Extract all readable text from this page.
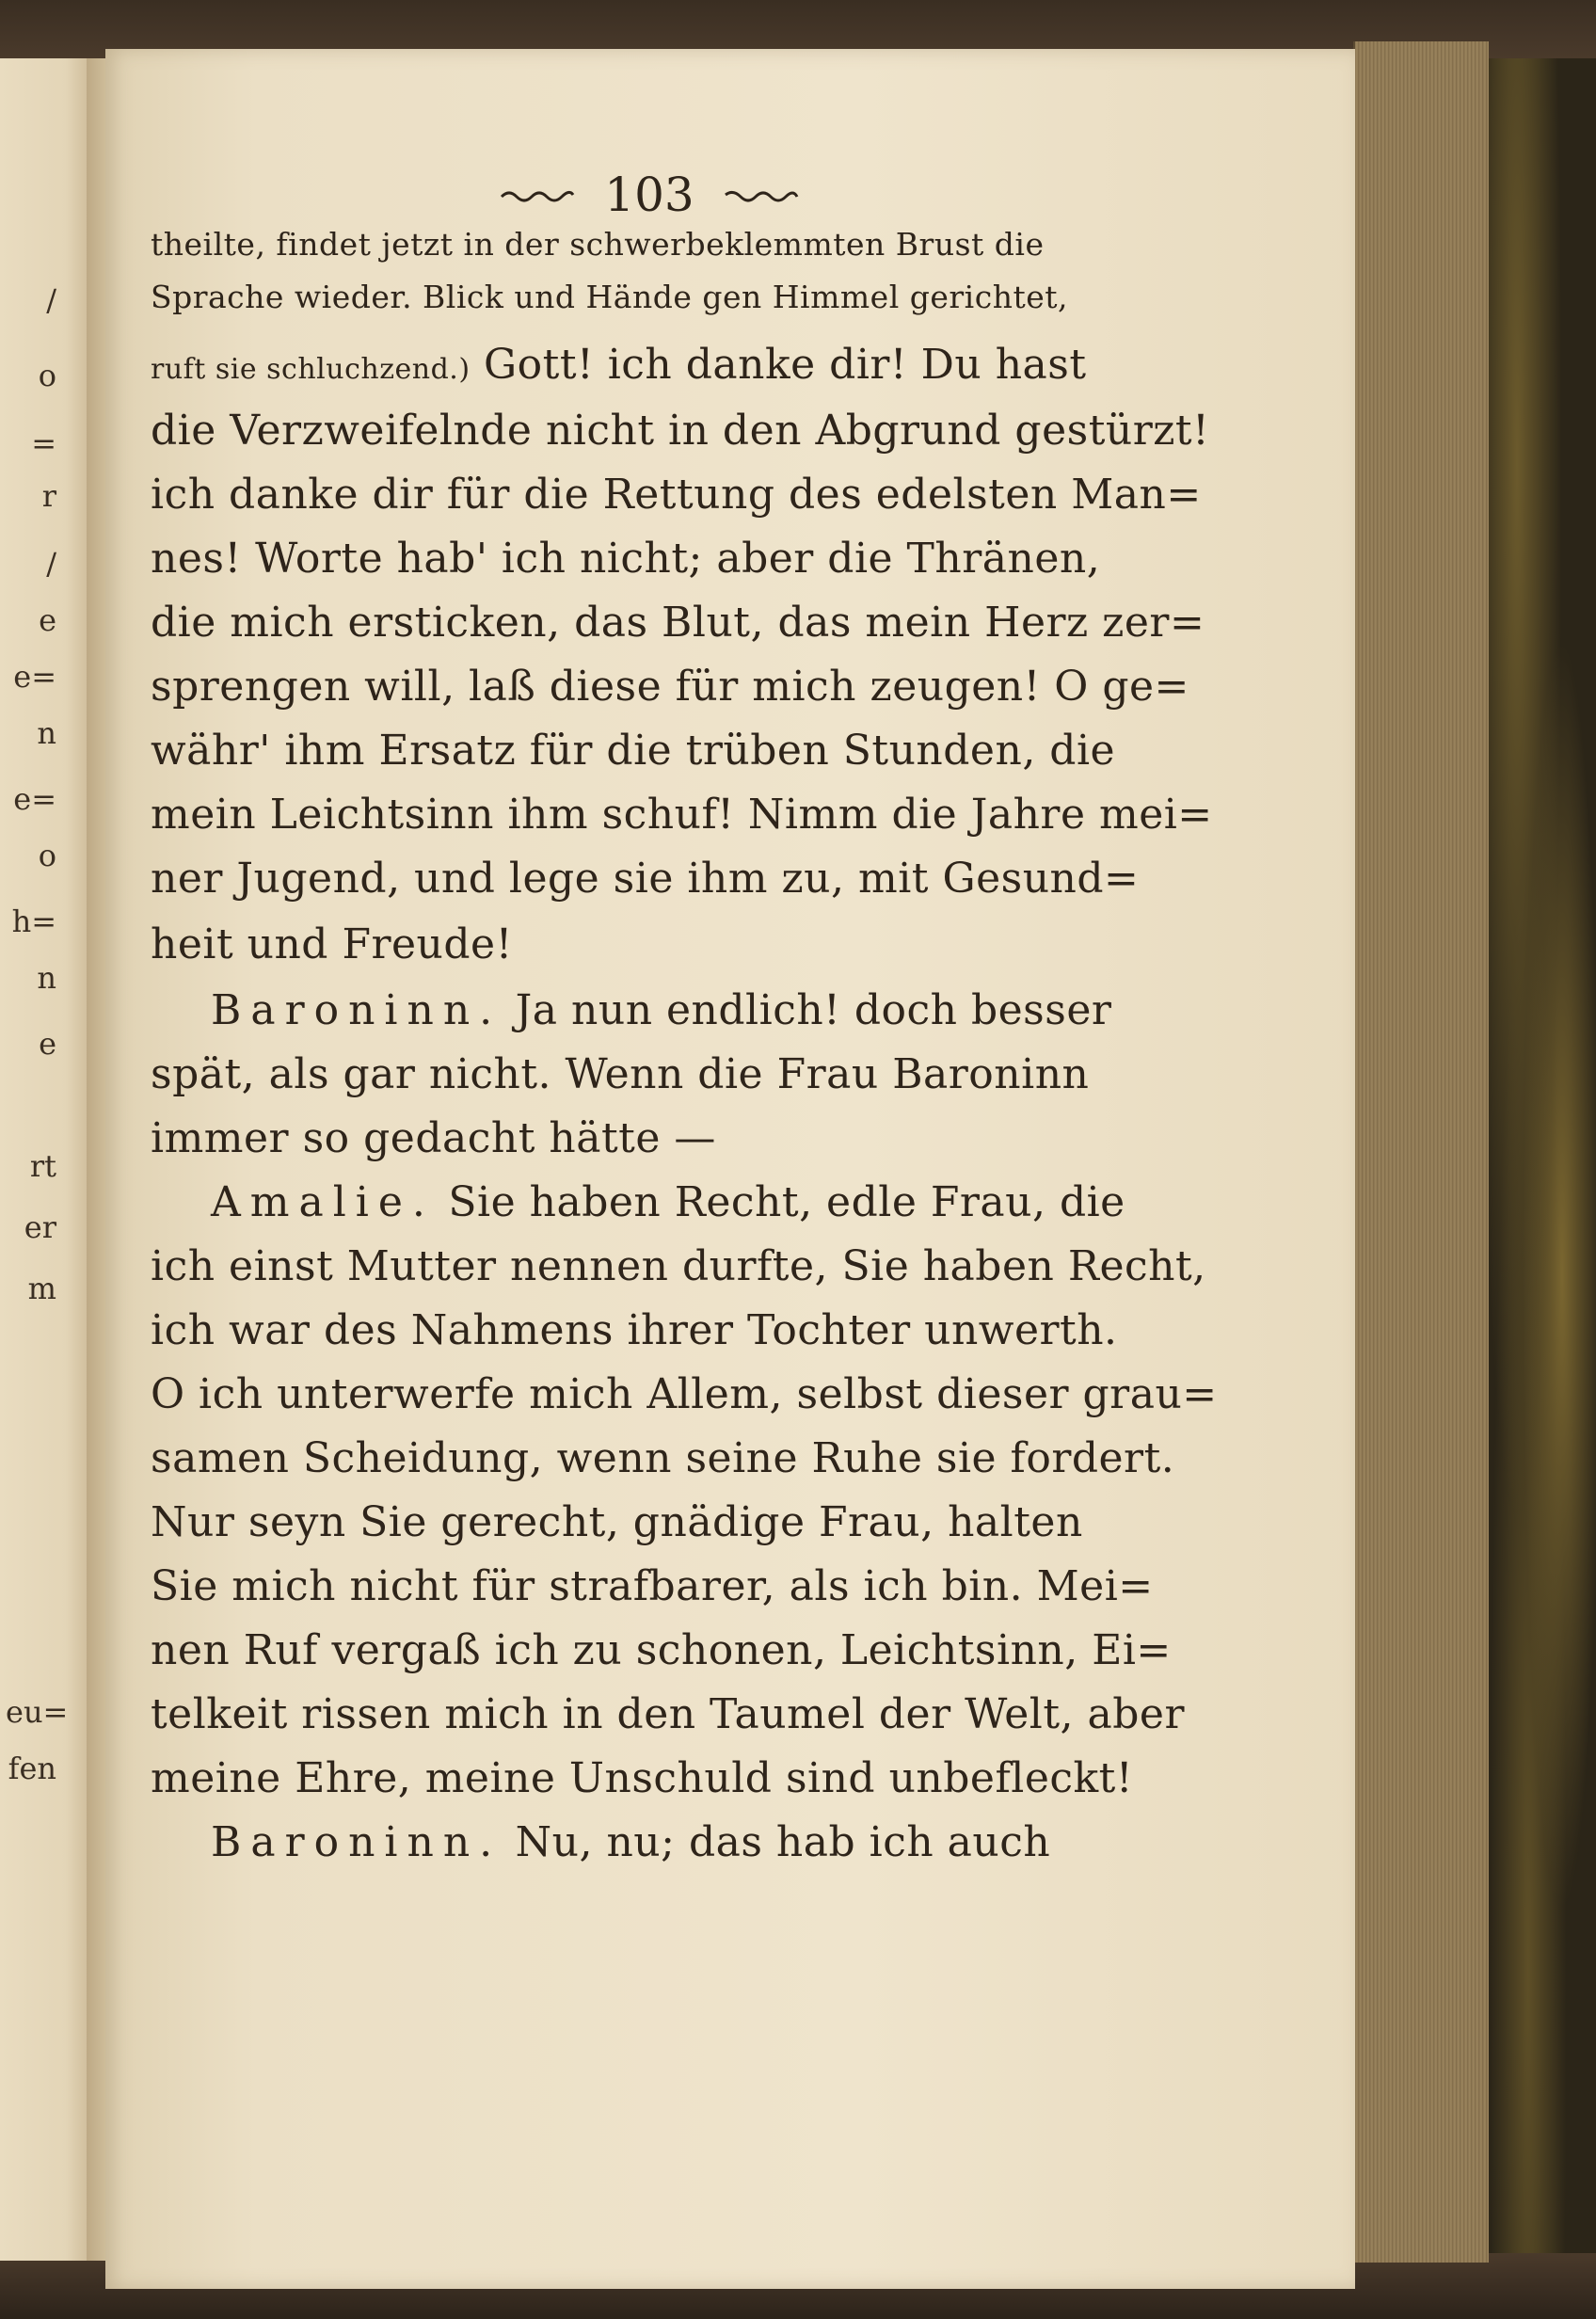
/
o
=
r
/
e
e=
n
e=
o
h=
n
e
rt
er
m
eu=
fen
103
theilte, findet jetzt in der schwerbeklemmten Brust die
Sprache wieder. Blick und Hände gen Himmel gerichtet,
ruft sie schluchzend.) Gott! ich danke dir! Du hast
die Verzweifelnde nicht in den Abgrund gestürzt!
ich danke dir für die Rettung des edelsten Man=
nes! Worte hab' ich nicht; aber die Thränen,
die mich ersticken, das Blut, das mein Herz zer=
sprengen will, laß diese für mich zeugen! O ge=
währ' ihm Ersatz für die trüben Stunden, die
mein Leichtsinn ihm schuf! Nimm die Jahre mei=
ner Jugend, und lege sie ihm zu, mit Gesund=
heit und Freude!
Baroninn. Ja nun endlich! doch besser
spät, als gar nicht. Wenn die Frau Baroninn
immer so gedacht hätte —
Amalie. Sie haben Recht, edle Frau, die
ich einst Mutter nennen durfte, Sie haben Recht,
ich war des Nahmens ihrer Tochter unwerth.
O ich unterwerfe mich Allem, selbst dieser grau=
samen Scheidung, wenn seine Ruhe sie fordert.
Nur seyn Sie gerecht, gnädige Frau, halten
Sie mich nicht für strafbarer, als ich bin. Mei=
nen Ruf vergaß ich zu schonen, Leichtsinn, Ei=
telkeit rissen mich in den Taumel der Welt, aber
meine Ehre, meine Unschuld sind unbefleckt!
Baroninn. Nu, nu; das hab ich auch
